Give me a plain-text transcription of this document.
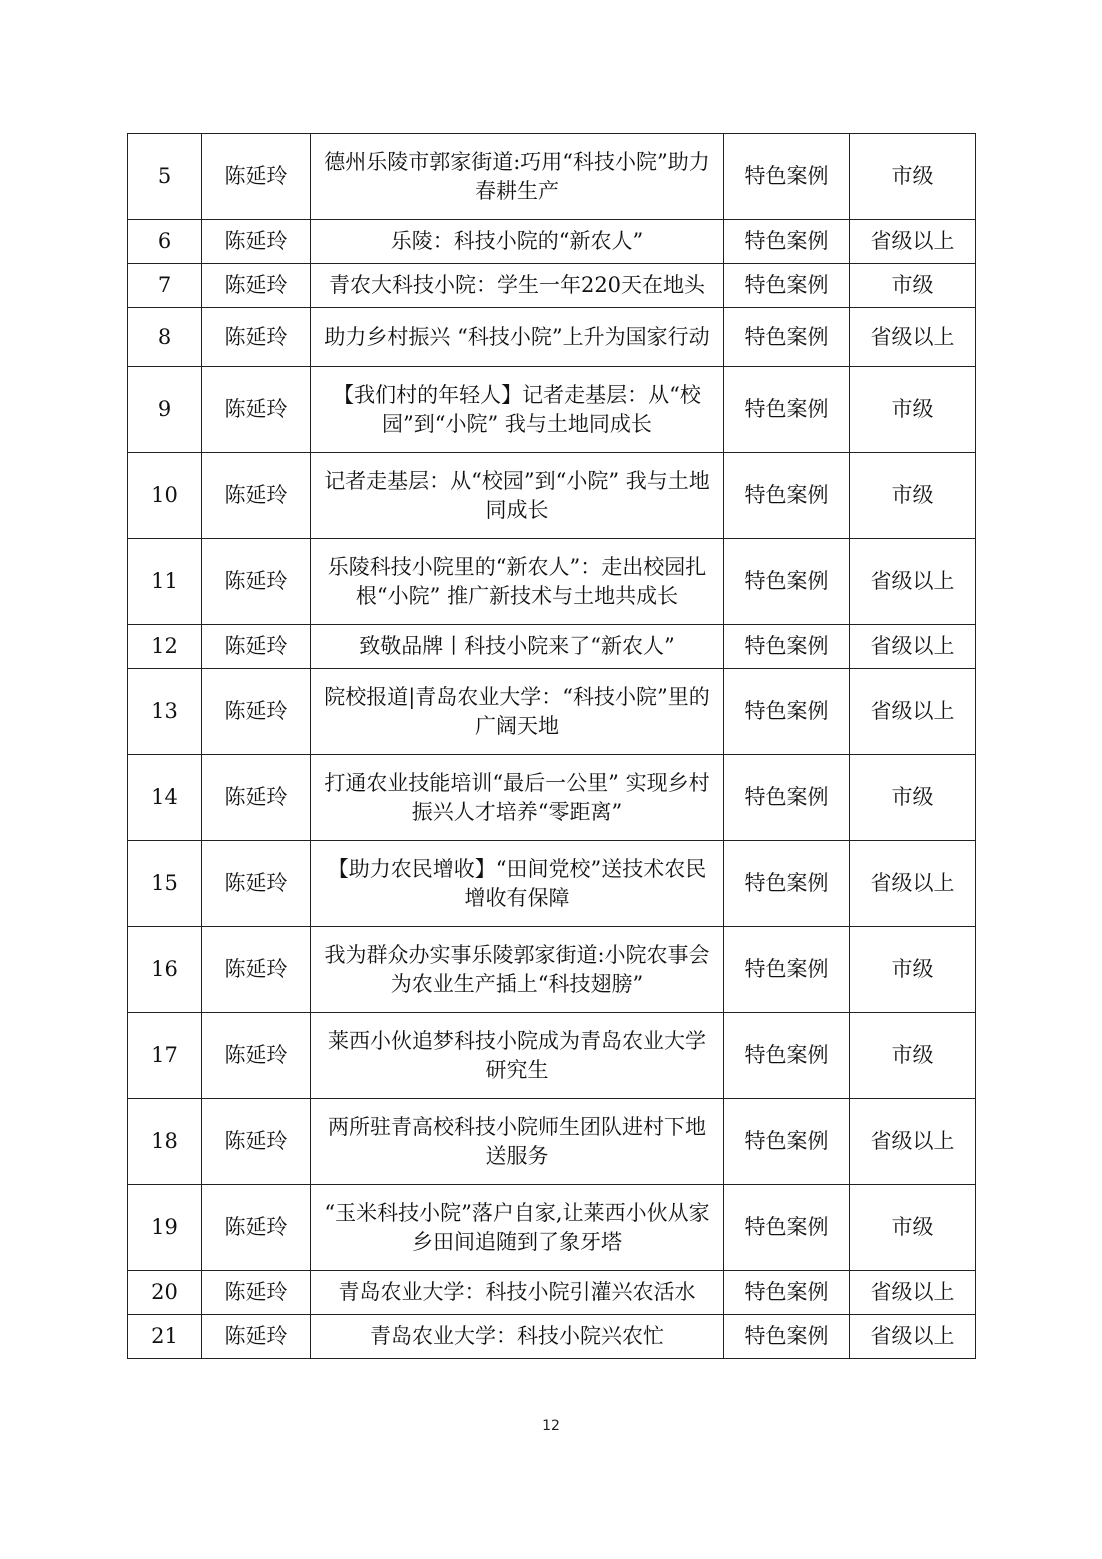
5	陈延玲	德州乐陵市郭家街道:巧用“科技小院”助力春耕生产	特色案例	市级
6	陈延玲	乐陵：科技小院的“新农人”	特色案例	省级以上
7	陈延玲	青农大科技小院：学生一年220天在地头	特色案例	市级
8	陈延玲	助力乡村振兴 “科技小院”上升为国家行动	特色案例	省级以上
9	陈延玲	【我们村的年轻人】记者走基层：从“校园”到“小院” 我与土地同成长	特色案例	市级
10	陈延玲	记者走基层：从“校园”到“小院” 我与土地同成长	特色案例	市级
11	陈延玲	乐陵科技小院里的“新农人”：走出校园扎根“小院” 推广新技术与土地共成长	特色案例	省级以上
12	陈延玲	致敬品牌丨科技小院来了“新农人”	特色案例	省级以上
13	陈延玲	院校报道|青岛农业大学：“科技小院”里的广阔天地	特色案例	省级以上
14	陈延玲	打通农业技能培训“最后一公里” 实现乡村振兴人才培养“零距离”	特色案例	市级
15	陈延玲	【助力农民增收】“田间党校”送技术农民增收有保障	特色案例	省级以上
16	陈延玲	我为群众办实事乐陵郭家街道:小院农事会为农业生产插上“科技翅膀”	特色案例	市级
17	陈延玲	莱西小伙追梦科技小院成为青岛农业大学研究生	特色案例	市级
18	陈延玲	两所驻青高校科技小院师生团队进村下地送服务	特色案例	省级以上
19	陈延玲	“玉米科技小院”落户自家,让莱西小伙从家乡田间追随到了象牙塔	特色案例	市级
20	陈延玲	青岛农业大学：科技小院引灌兴农活水	特色案例	省级以上
21	陈延玲	青岛农业大学：科技小院兴农忙	特色案例	省级以上
12
